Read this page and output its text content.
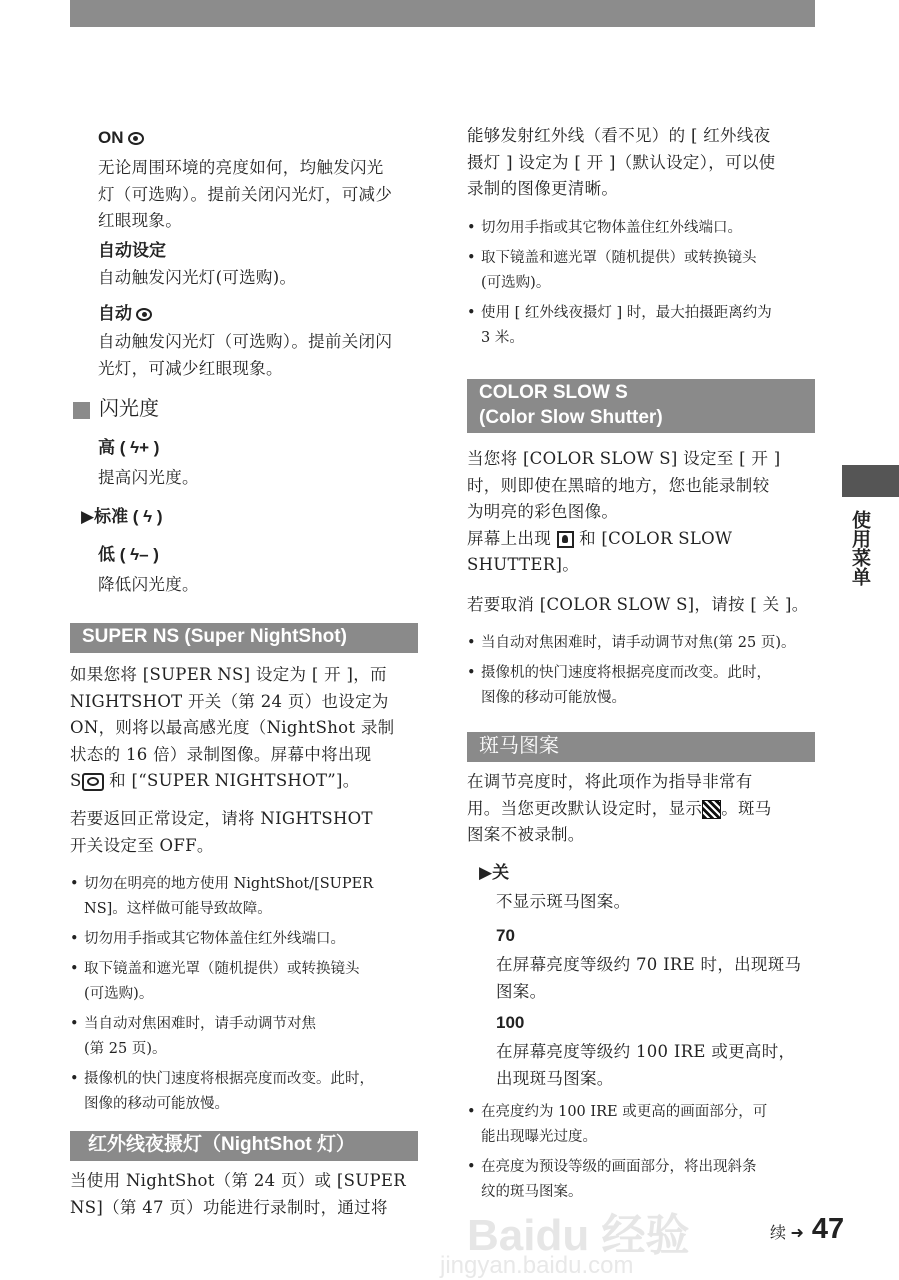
ON
无论周围环境的亮度如何，均触发闪光
灯（可选购）。提前关闭闪光灯，可减少
红眼现象。
自动设定
自动触发闪光灯(可选购)。
自动
自动触发闪光灯（可选购）。提前关闭闪
光灯，可减少红眼现象。
闪光度
高 ( ϟ+ )
提高闪光度。
▶标准 ( ϟ )
低 ( ϟ– )
降低闪光度。
SUPER NS (Super NightShot)
如果您将 [SUPER NS] 设定为 [ 开 ]，而
NIGHTSHOT 开关（第 24 页）也设定为
ON，则将以最高感光度（NightShot 录制
状态的 16 倍）录制图像。屏幕中将出现
S 和 [“SUPER NIGHTSHOT”]。
若要返回正常设定，请将 NIGHTSHOT
开关设定至 OFF。
• 切勿在明亮的地方使用 NightShot/[SUPER
NS]。这样做可能导致故障。
• 切勿用手指或其它物体盖住红外线端口。
• 取下镜盖和遮光罩（随机提供）或转换镜头
(可选购)。
• 当自动对焦困难时，请手动调节对焦
(第 25 页)。
• 摄像机的快门速度将根据亮度而改变。此时，
图像的移动可能放慢。
红外线夜摄灯（NightShot 灯）
当使用 NightShot（第 24 页）或 [SUPER
NS]（第 47 页）功能进行录制时，通过将
能够发射红外线（看不见）的 [ 红外线夜
摄灯 ] 设定为 [ 开 ]（默认设定），可以使
录制的图像更清晰。
• 切勿用手指或其它物体盖住红外线端口。
• 取下镜盖和遮光罩（随机提供）或转换镜头
(可选购)。
• 使用 [ 红外线夜摄灯 ] 时，最大拍摄距离约为
3 米。
COLOR SLOW S
(Color Slow Shutter)
当您将 [COLOR SLOW S] 设定至 [ 开 ]
时，则即使在黑暗的地方，您也能录制较
为明亮的彩色图像。
屏幕上出现  和 [COLOR SLOW
SHUTTER]。
若要取消 [COLOR SLOW S]，请按 [ 关 ]。
• 当自动对焦困难时，请手动调节对焦(第 25 页)。
• 摄像机的快门速度将根据亮度而改变。此时，
图像的移动可能放慢。
斑马图案
在调节亮度时，将此项作为指导非常有
用。当您更改默认设定时，显示 。斑马
图案不被录制。
▶关
不显示斑马图案。
70
在屏幕亮度等级约 70 IRE 时，出现斑马
图案。
100
在屏幕亮度等级约 100 IRE 或更高时，
出现斑马图案。
• 在亮度约为 100 IRE 或更高的画面部分，可
能出现曝光过度。
• 在亮度为预设等级的画面部分，将出现斜条
纹的斑马图案。
使用菜单
Baidu 经验
jingyan.baidu.com
续 ➜ 47
